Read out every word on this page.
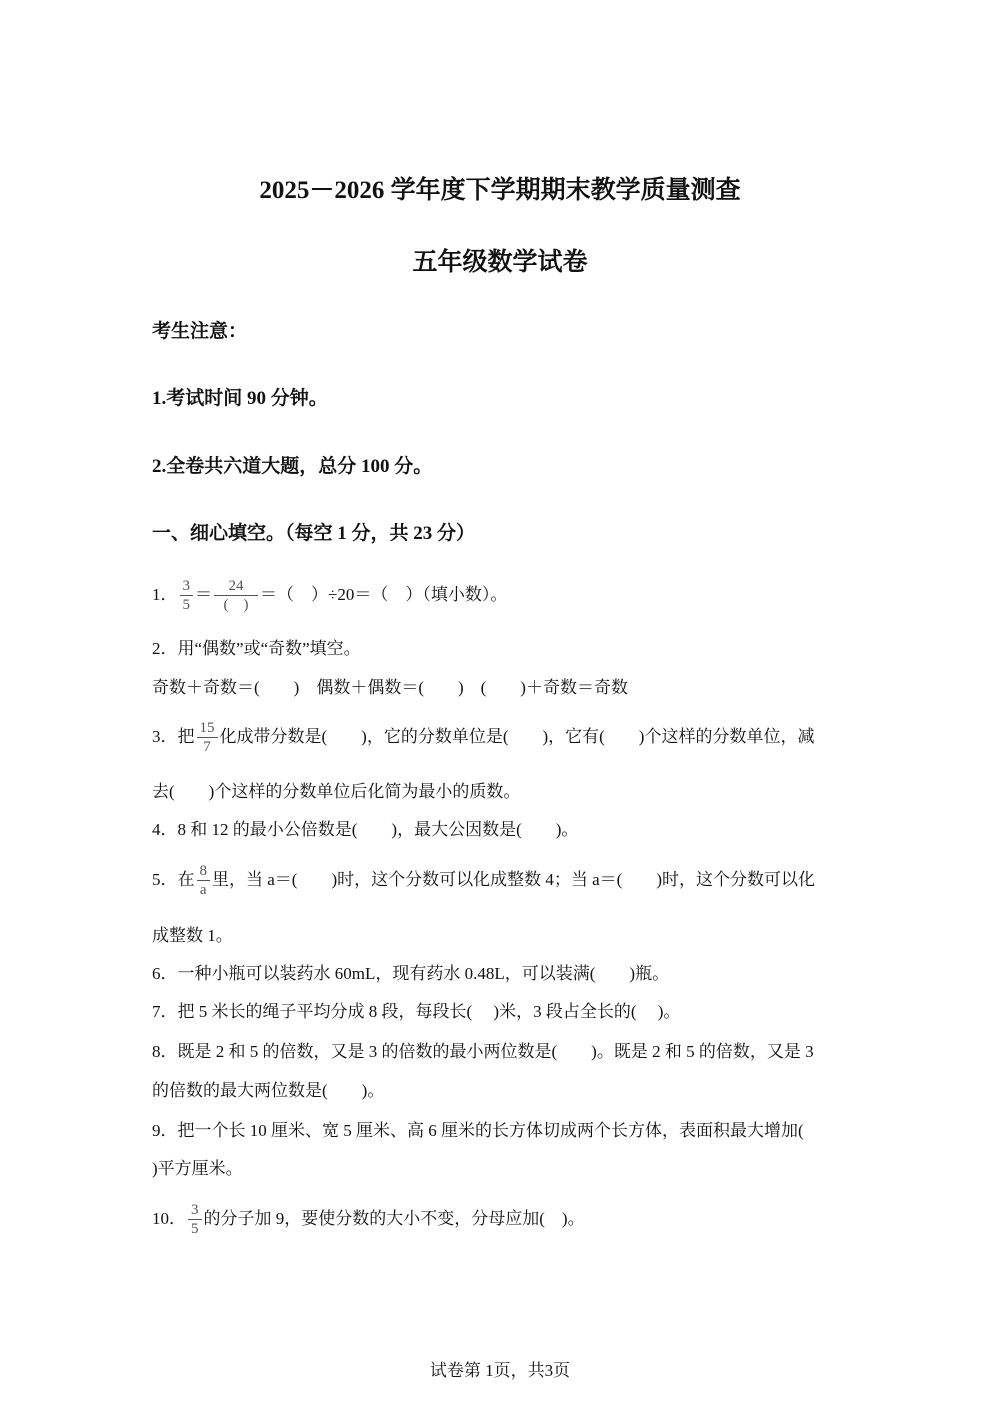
2025－2026 学年度下学期期末教学质量测查
五年级数学试卷
考生注意：
1.考试时间 90 分钟。
2.全卷共六道大题，总分 100 分。
一、细心填空。（每空 1 分，共 23 分）
1． $\frac{3}{5} = \frac{24}{( )}$ ＝（　）÷20＝（　）（填小数）。
2．用“偶数”或“奇数”填空。
奇数＋奇数＝(　　)　偶数＋偶数＝(　　)　(　　)＋奇数＝奇数
3．把 $\frac{15}{7}$ 化成带分数是(　　)，它的分数单位是(　　)，它有(　　)个这样的分数单位，减
去(　　)个这样的分数单位后化简为最小的质数。
4．8 和 12 的最小公倍数是(　　)，最大公因数是(　　)。
5．在 $\frac{8}{a}$ 里，当 a＝(　　)时，这个分数可以化成整数 4；当 a＝(　　)时，这个分数可以化
成整数 1。
6．一种小瓶可以装药水 60mL，现有药水 0.48L，可以装满(　　)瓶。
7．把 5 米长的绳子平均分成 8 段，每段长(　 )米，3 段占全长的(　 )。
8．既是 2 和 5 的倍数，又是 3 的倍数的最小两位数是(　　)。既是 2 和 5 的倍数，又是 3
的倍数的最大两位数是(　　)。
9．把一个长 10 厘米、宽 5 厘米、高 6 厘米的长方体切成两个长方体，表面积最大增加(
)平方厘米。
10． $\frac{3}{5}$ 的分子加 9，要使分数的大小不变，分母应加(　)。
试卷第 1页，共3页
